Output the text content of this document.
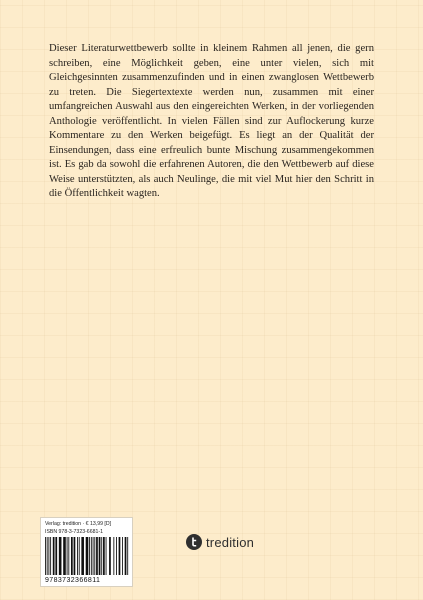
Dieser Literaturwettbewerb sollte in kleinem Rahmen all jenen, die gern schreiben, eine Möglichkeit geben, eine unter vielen, sich mit Gleichgesinnten zusammenzufinden und in einen zwanglosen Wettbewerb zu treten. Die Siegertextexte werden nun, zusammen mit einer umfangreichen Auswahl aus den eingereichten Werken, in der vorliegenden Anthologie veröffentlicht. In vielen Fällen sind zur Auflockerung kurze Kommentare zu den Werken beigefügt. Es liegt an der Qualität der Einsendungen, dass eine erfreulich bunte Mischung zusammengekommen ist. Es gab da sowohl die erfahrenen Autoren, die den Wettbewerb auf diese Weise unterstützten, als auch Neulinge, die mit viel Mut hier den Schritt in die Öffentlichkeit wagten.

Verlag: tredition · € 13,99 [D]
ISBN 978-3-7323-6681-1
9783732366811
tredition
